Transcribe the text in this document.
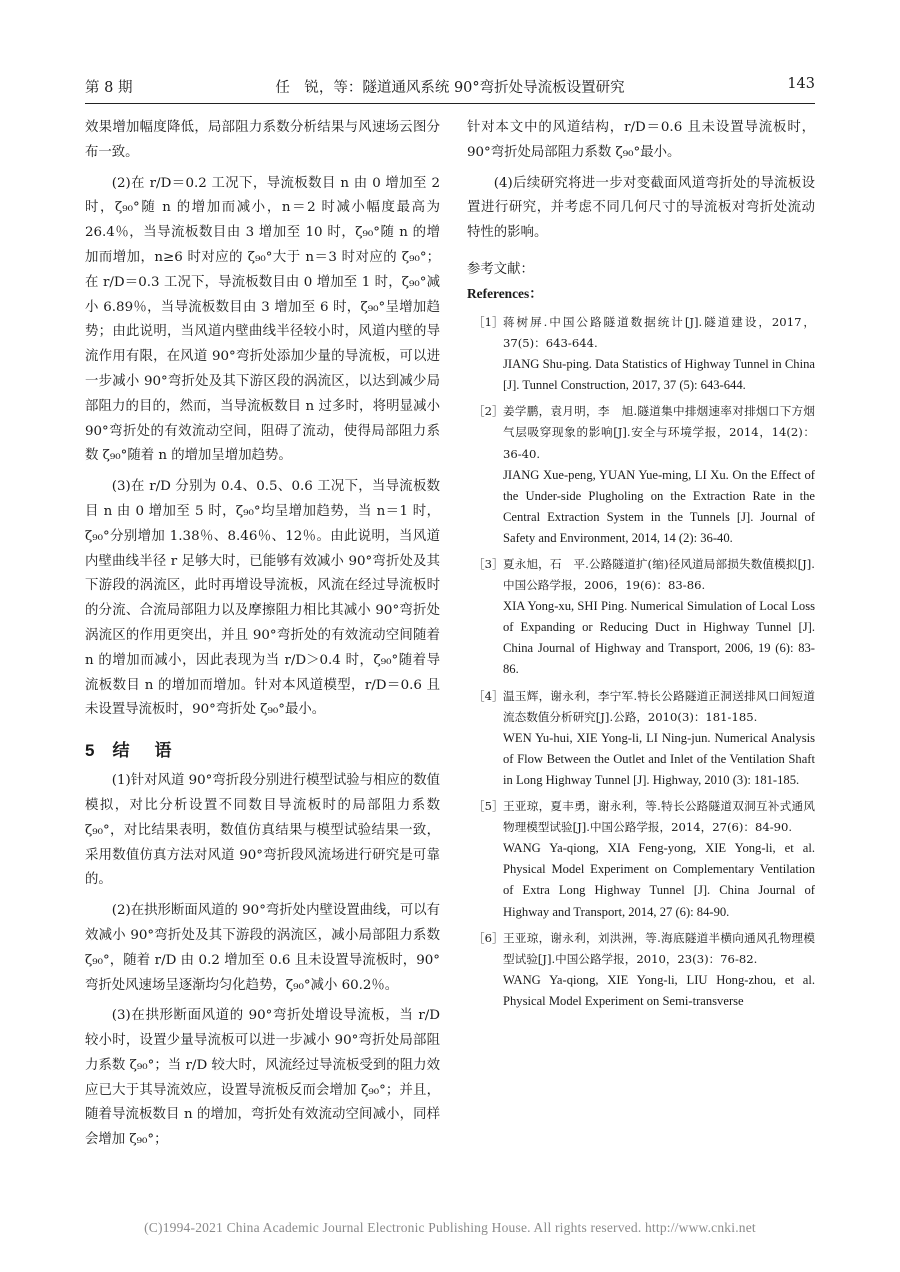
第 8 期	任　锐，等：隧道通风系统 90°弯折处导流板设置研究	143

效果增加幅度降低，局部阻力系数分析结果与风速场云图分布一致。

(2)在 r/D＝0.2 工况下，导流板数目 n 由 0 增加至 2 时，ζ₉₀°随 n 的增加而减小，n＝2 时减小幅度最高为 26.4％，当导流板数目由 3 增加至 10 时，ζ₉₀°随 n 的增加而增加，n≥6 时对应的 ζ₉₀°大于 n＝3 时对应的 ζ₉₀°；在 r/D＝0.3 工况下，导流板数目由 0 增加至 1 时，ζ₉₀°减小 6.89％，当导流板数目由 3 增加至 6 时，ζ₉₀°呈增加趋势；由此说明，当风道内壁曲线半径较小时，风道内壁的导流作用有限，在风道 90°弯折处添加少量的导流板，可以进一步减小 90°弯折处及其下游区段的涡流区，以达到减少局部阻力的目的，然而，当导流板数目 n 过多时，将明显减小 90°弯折处的有效流动空间，阻碍了流动，使得局部阻力系数 ζ₉₀°随着 n 的增加呈增加趋势。

(3)在 r/D 分别为 0.4、0.5、0.6 工况下，当导流板数目 n 由 0 增加至 5 时，ζ₉₀°均呈增加趋势，当 n＝1 时，ζ₉₀°分别增加 1.38％、8.46％、12％。由此说明，当风道内壁曲线半径 r 足够大时，已能够有效减小 90°弯折处及其下游段的涡流区，此时再增设导流板，风流在经过导流板时的分流、合流局部阻力以及摩擦阻力相比其减小 90°弯折处涡流区的作用更突出，并且 90°弯折处的有效流动空间随着 n 的增加而减小，因此表现为当 r/D＞0.4 时，ζ₉₀°随着导流板数目 n 的增加而增加。针对本风道模型，r/D＝0.6 且未设置导流板时，90°弯折处 ζ₉₀°最小。

5 结　语

(1)针对风道 90°弯折段分别进行模型试验与相应的数值模拟，对比分析设置不同数目导流板时的局部阻力系数 ζ₉₀°，对比结果表明，数值仿真结果与模型试验结果一致，采用数值仿真方法对风道 90°弯折段风流场进行研究是可靠的。

(2)在拱形断面风道的 90°弯折处内壁设置曲线，可以有效减小 90°弯折处及其下游段的涡流区，减小局部阻力系数 ζ₉₀°，随着 r/D 由 0.2 增加至 0.6 且未设置导流板时，90°弯折处风速场呈逐渐均匀化趋势，ζ₉₀°减小 60.2％。

(3)在拱形断面风道的 90°弯折处增设导流板，当 r/D 较小时，设置少量导流板可以进一步减小 90°弯折处局部阻力系数 ζ₉₀°；当 r/D 较大时，风流经过导流板受到的阻力效应已大于其导流效应，设置导流板反而会增加 ζ₉₀°；并且，随着导流板数目 n 的增加，弯折处有效流动空间减小，同样会增加 ζ₉₀°；

针对本文中的风道结构，r/D＝0.6 且未设置导流板时，90°弯折处局部阻力系数 ζ₉₀°最小。

(4)后续研究将进一步对变截面风道弯折处的导流板设置进行研究，并考虑不同几何尺寸的导流板对弯折处流动特性的影响。

参考文献：
References：
［1］ 蒋树屏.中国公路隧道数据统计[J].隧道建设，2017，37(5)：643-644.
JIANG Shu-ping. Data Statistics of Highway Tunnel in China [J]. Tunnel Construction, 2017, 37 (5): 643-644.
［2］ 姜学鹏，袁月明，李　旭.隧道集中排烟速率对排烟口下方烟气层吸穿现象的影响[J].安全与环境学报，2014，14(2)：36-40.
JIANG Xue-peng, YUAN Yue-ming, LI Xu. On the Effect of the Under-side Plugholing on the Extraction Rate in the Central Extraction System in the Tunnels [J]. Journal of Safety and Environment, 2014, 14 (2): 36-40.
［3］ 夏永旭，石　平.公路隧道扩(缩)径风道局部损失数值模拟[J].中国公路学报，2006，19(6)：83-86.
XIA Yong-xu, SHI Ping. Numerical Simulation of Local Loss of Expanding or Reducing Duct in Highway Tunnel [J]. China Journal of Highway and Transport, 2006, 19 (6): 83-86.
［4］ 温玉辉，谢永利，李宁军.特长公路隧道正洞送排风口间短道流态数值分析研究[J].公路，2010(3)：181-185.
WEN Yu-hui, XIE Yong-li, LI Ning-jun. Numerical Analysis of Flow Between the Outlet and Inlet of the Ventilation Shaft in Long Highway Tunnel [J]. Highway, 2010 (3): 181-185.
［5］ 王亚琼，夏丰勇，谢永利，等.特长公路隧道双洞互补式通风物理模型试验[J].中国公路学报，2014，27(6)：84-90.
WANG Ya-qiong, XIA Feng-yong, XIE Yong-li, et al. Physical Model Experiment on Complementary Ventilation of Extra Long Highway Tunnel [J]. China Journal of Highway and Transport, 2014, 27 (6): 84-90.
［6］ 王亚琼，谢永利，刘洪洲，等.海底隧道半横向通风孔物理模型试验[J].中国公路学报，2010，23(3)：76-82.
WANG Ya-qiong, XIE Yong-li, LIU Hong-zhou, et al. Physical Model Experiment on Semi-transverse
(C)1994-2021 China Academic Journal Electronic Publishing House. All rights reserved. http://www.cnki.net
